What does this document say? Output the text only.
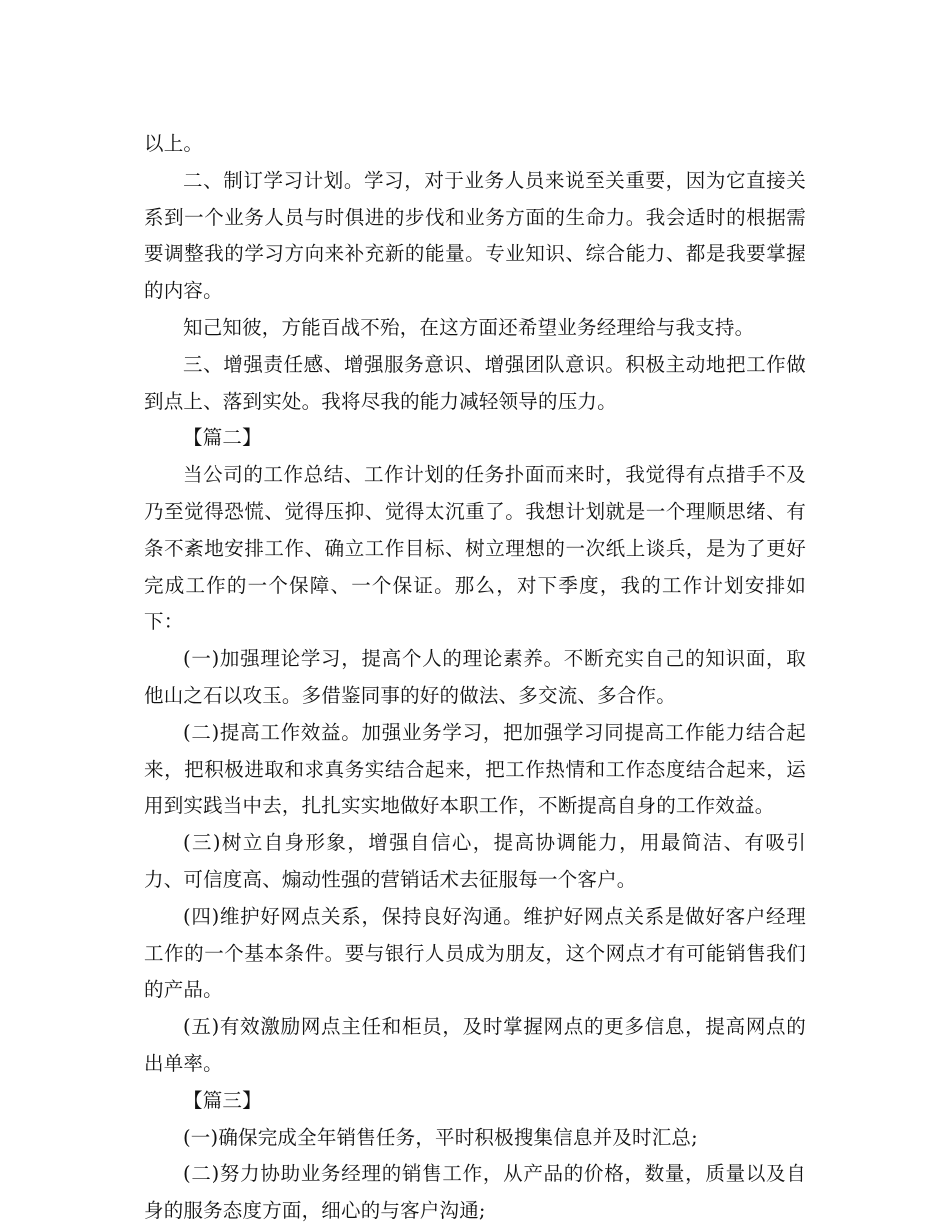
以上。

二、制订学习计划。学习，对于业务人员来说至关重要，因为它直接关系到一个业务人员与时俱进的步伐和业务方面的生命力。我会适时的根据需要调整我的学习方向来补充新的能量。专业知识、综合能力、都是我要掌握的内容。

知己知彼，方能百战不殆，在这方面还希望业务经理给与我支持。

三、增强责任感、增强服务意识、增强团队意识。积极主动地把工作做到点上、落到实处。我将尽我的能力减轻领导的压力。

【篇二】

当公司的工作总结、工作计划的任务扑面而来时，我觉得有点措手不及乃至觉得恐慌、觉得压抑、觉得太沉重了。我想计划就是一个理顺思绪、有条不紊地安排工作、确立工作目标、树立理想的一次纸上谈兵，是为了更好完成工作的一个保障、一个保证。那么，对下季度，我的工作计划安排如下：

(一)加强理论学习，提高个人的理论素养。不断充实自己的知识面，取他山之石以攻玉。多借鉴同事的好的做法、多交流、多合作。

(二)提高工作效益。加强业务学习，把加强学习同提高工作能力结合起来，把积极进取和求真务实结合起来，把工作热情和工作态度结合起来，运用到实践当中去，扎扎实实地做好本职工作，不断提高自身的工作效益。

(三)树立自身形象，增强自信心，提高协调能力，用最简洁、有吸引力、可信度高、煽动性强的营销话术去征服每一个客户。

(四)维护好网点关系，保持良好沟通。维护好网点关系是做好客户经理工作的一个基本条件。要与银行人员成为朋友，这个网点才有可能销售我们的产品。

(五)有效激励网点主任和柜员，及时掌握网点的更多信息，提高网点的出单率。

【篇三】

(一)确保完成全年销售任务，平时积极搜集信息并及时汇总;

(二)努力协助业务经理的销售工作，从产品的价格，数量，质量以及自身的服务态度方面，细心的与客户沟通;
